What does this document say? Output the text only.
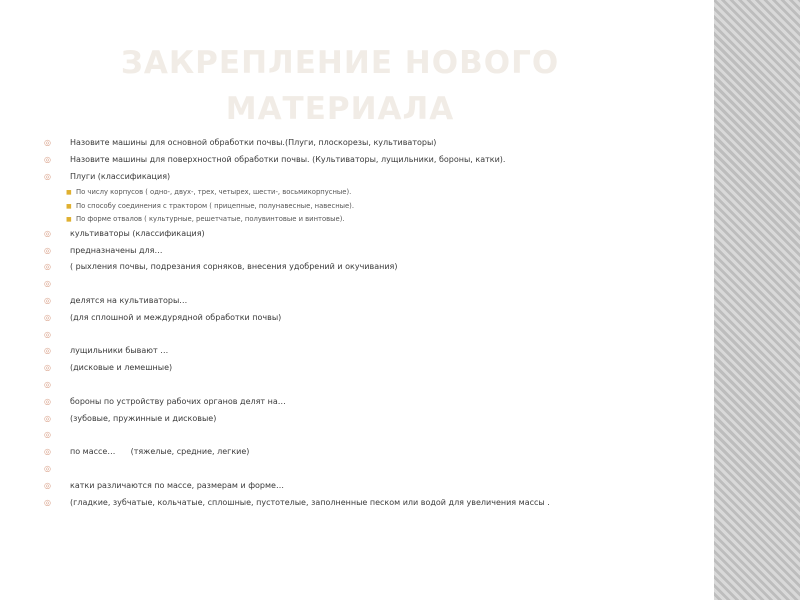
ЗАКРЕПЛЕНИЕ НОВОГО
МАТЕРИАЛА
◎	Назовите машины для основной обработки почвы.(Плуги, плоскорезы, культиваторы)
◎	Назовите машины для поверхностной обработки почвы. (Культиваторы, лущильники, бороны, катки).
◎	Плуги (классификация)
■ По числу корпусов ( одно-, двух-, трех, четырех, шести-, восьмикорпусные).
■ По способу соединения с трактором ( прицепные, полунавесные, навесные).
■ По форме отвалов ( культурные, решетчатые, полувинтовые и винтовые).
◎	культиваторы (классификация)
◎	предназначены для…
◎	( рыхления почвы, подрезания сорняков, внесения удобрений и окучивания)
◎
◎	делятся на культиваторы…
◎	(для сплошной и междурядной обработки почвы)
◎
◎	лущильники бывают …
◎	(дисковые и лемешные)
◎
◎	бороны по устройству рабочих органов делят на…
◎	(зубовые, пружинные и дисковые)
◎
◎	по массе…      (тяжелые, средние, легкие)
◎
◎	катки различаются по массе, размерам и форме…
◎	(гладкие, зубчатые, кольчатые, сплошные, пустотелые, заполненные песком или водой для увеличения массы .
